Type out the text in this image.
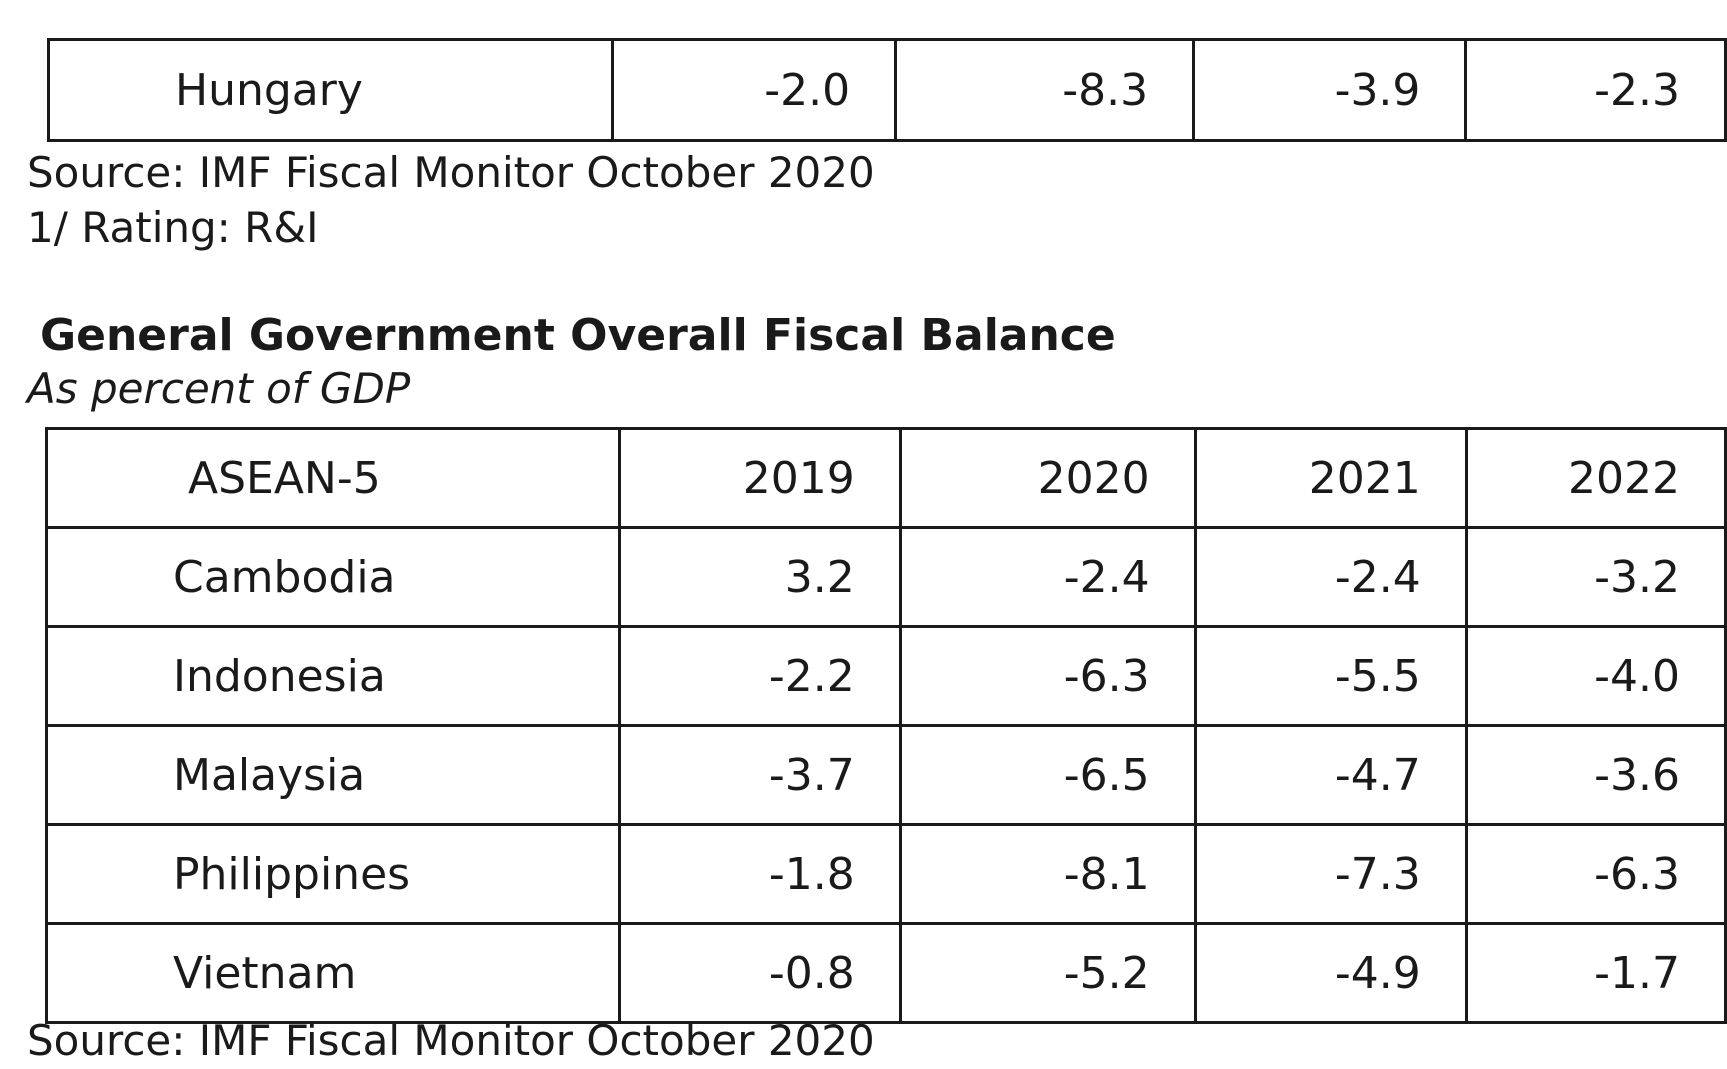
Hungary	-2.0	-8.3	-3.9	-2.3
Source: IMF Fiscal Monitor October 2020
1/ Rating: R&I
General Government Overall Fiscal Balance
As percent of GDP
ASEAN-5	2019	2020	2021	2022
Cambodia	3.2	-2.4	-2.4	-3.2
Indonesia	-2.2	-6.3	-5.5	-4.0
Malaysia	-3.7	-6.5	-4.7	-3.6
Philippines	-1.8	-8.1	-7.3	-6.3
Vietnam	-0.8	-5.2	-4.9	-1.7
Source: IMF Fiscal Monitor October 2020
